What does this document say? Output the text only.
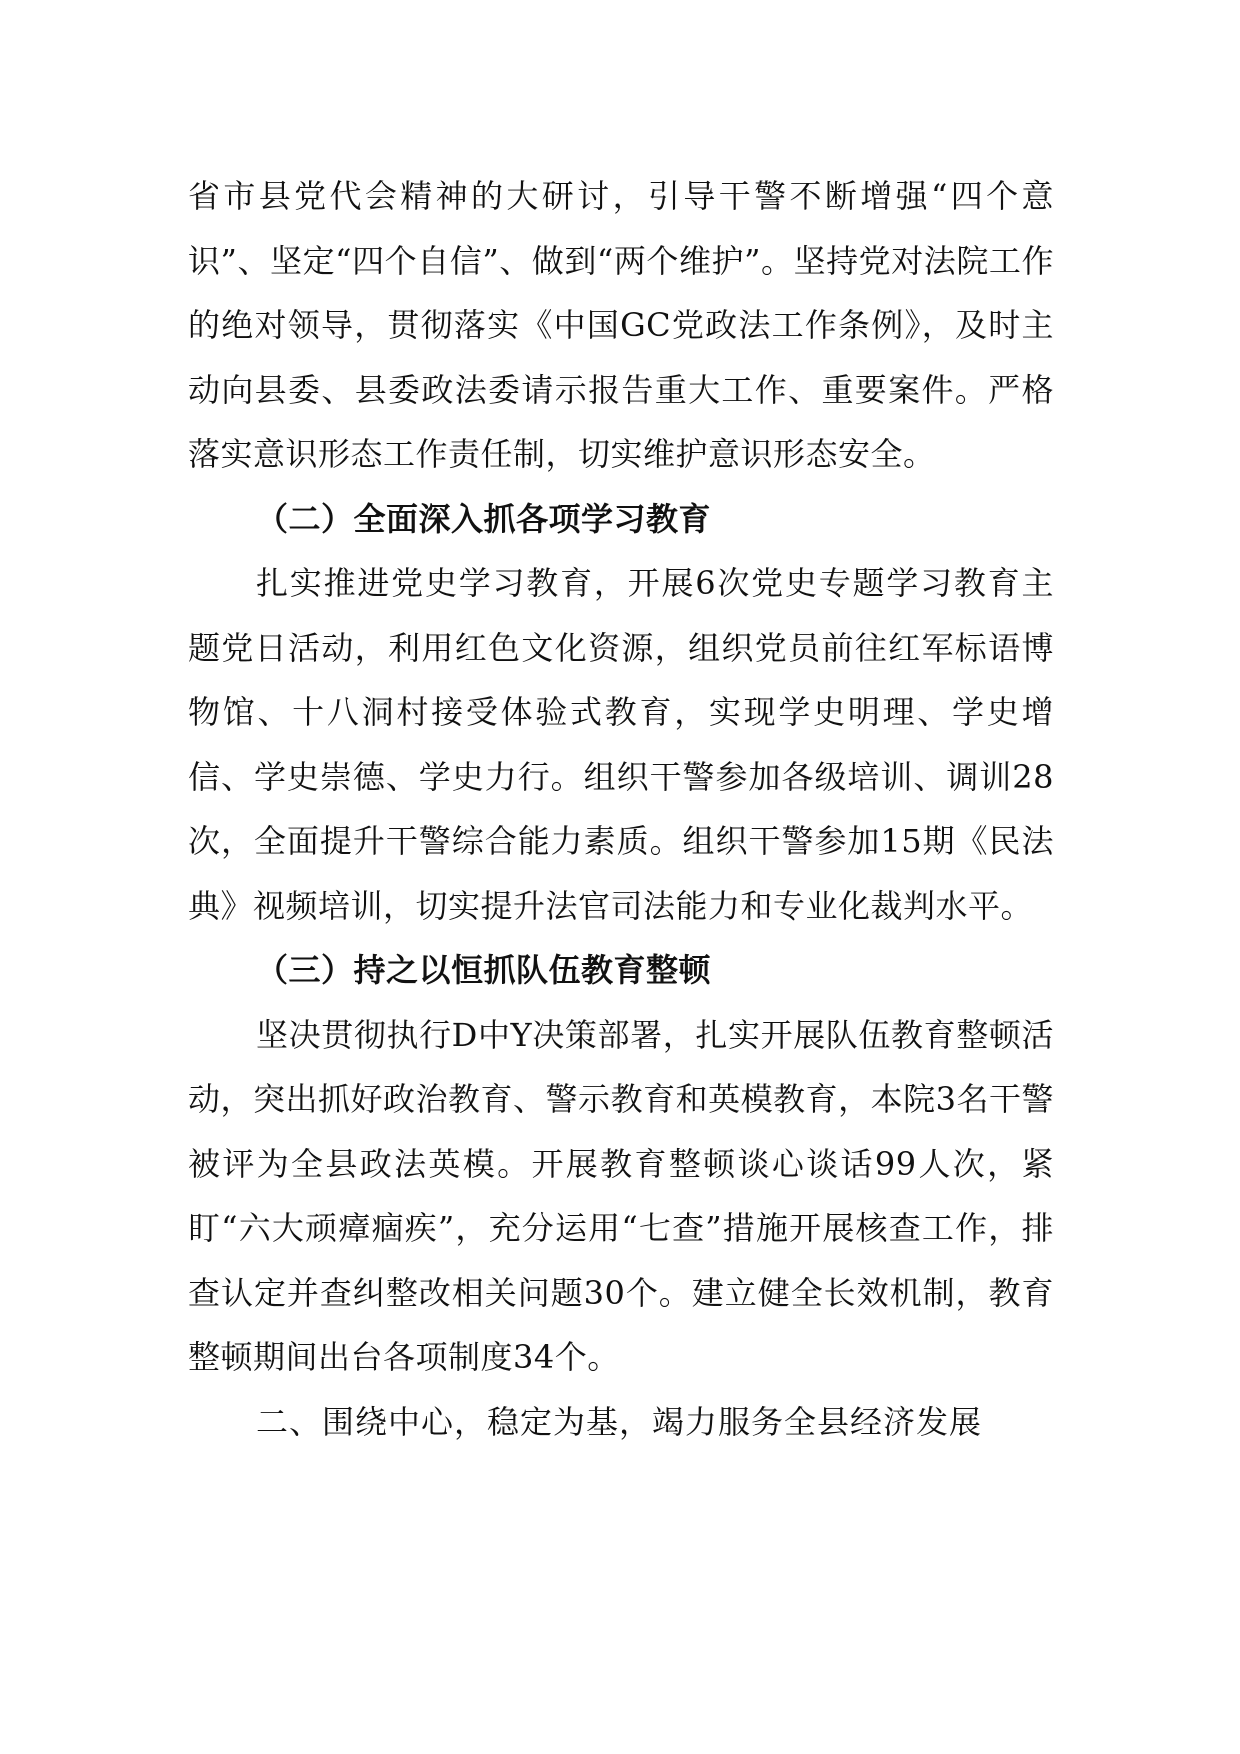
省市县党代会精神的大研讨，引导干警不断增强“四个意识”、坚定“四个自信”、做到“两个维护”。坚持党对法院工作的绝对领导，贯彻落实《中国GC党政法工作条例》，及时主动向县委、县委政法委请示报告重大工作、重要案件。严格落实意识形态工作责任制，切实维护意识形态安全。

（二）全面深入抓各项学习教育

扎实推进党史学习教育，开展6次党史专题学习教育主题党日活动，利用红色文化资源，组织党员前往红军标语博物馆、十八洞村接受体验式教育，实现学史明理、学史增信、学史崇德、学史力行。组织干警参加各级培训、调训28次，全面提升干警综合能力素质。组织干警参加15期《民法典》视频培训，切实提升法官司法能力和专业化裁判水平。

（三）持之以恒抓队伍教育整顿

坚决贯彻执行D中Y决策部署，扎实开展队伍教育整顿活动，突出抓好政治教育、警示教育和英模教育，本院3名干警被评为全县政法英模。开展教育整顿谈心谈话99人次，紧盯“六大顽瘴痼疾”，充分运用“七查”措施开展核查工作，排查认定并查纠整改相关问题30个。建立健全长效机制，教育整顿期间出台各项制度34个。

二、围绕中心，稳定为基，竭力服务全县经济发展
